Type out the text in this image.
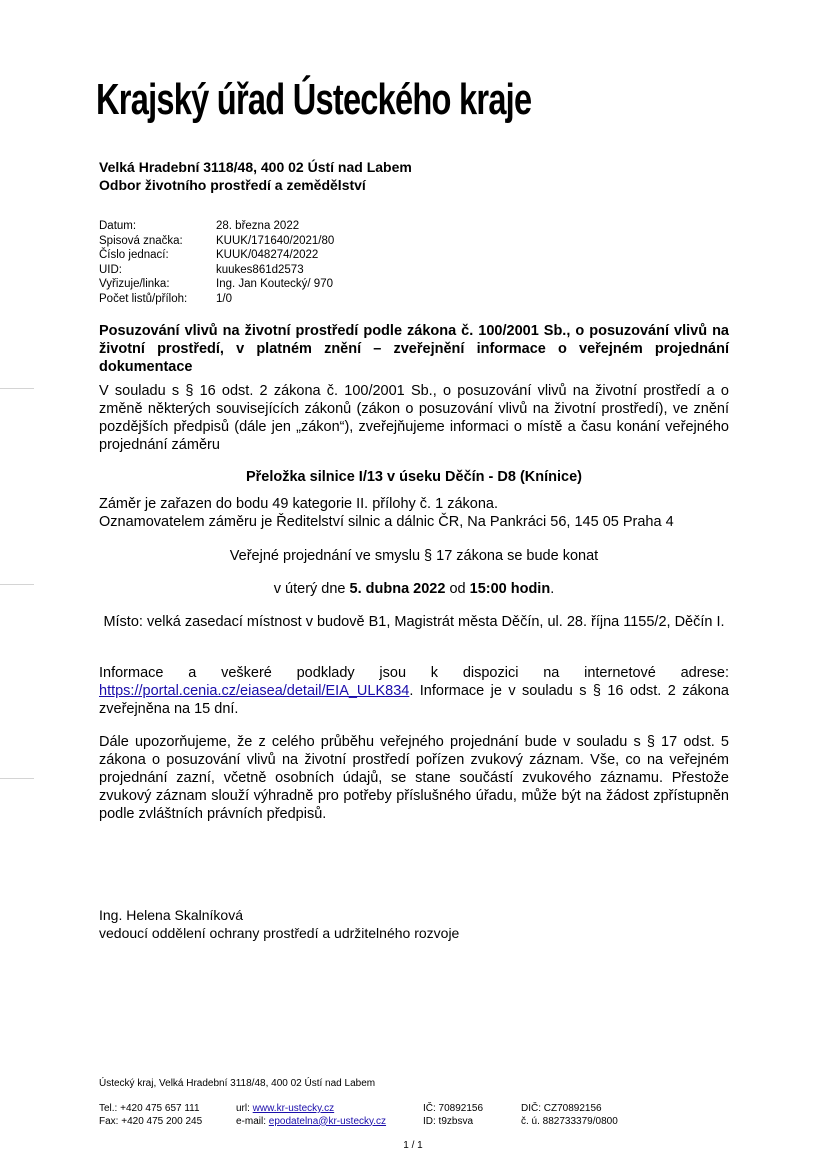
Krajský úřad Ústeckého kraje
Velká Hradební 3118/48, 400 02 Ústí nad Labem
Odbor životního prostředí a zemědělství
Datum:	28. března 2022
Spisová značka:	KUUK/171640/2021/80
Číslo jednací:	KUUK/048274/2022
UID:	kuukes861d2573
Vyřizuje/linka:	Ing. Jan Koutecký/ 970
Počet listů/příloh:	1/0
Posuzování vlivů na životní prostředí podle zákona č. 100/2001 Sb., o posuzování vlivů na životní prostředí, v platném znění – zveřejnění informace o veřejném projednání dokumentace
V souladu s § 16 odst. 2 zákona č. 100/2001 Sb., o posuzování vlivů na životní prostředí a o změně některých souvisejících zákonů (zákon o posuzování vlivů na životní prostředí), ve znění pozdějších předpisů (dále jen „zákon“), zveřejňujeme informaci o místě a času konání veřejného projednání záměru
Přeložka silnice I/13 v úseku Děčín - D8 (Knínice)
Záměr je zařazen do bodu 49 kategorie II. přílohy č. 1 zákona.
Oznamovatelem záměru je Ředitelství silnic a dálnic ČR, Na Pankráci 56, 145 05 Praha 4
Veřejné projednání ve smyslu § 17 zákona se bude konat
v úterý dne 5. dubna 2022 od 15:00 hodin.
Místo: velká zasedací místnost v budově B1, Magistrát města Děčín, ul. 28. října 1155/2, Děčín I.
Informace a veškeré podklady jsou k dispozici na internetové adrese: https://portal.cenia.cz/eiasea/detail/EIA_ULK834. Informace je v souladu s § 16 odst. 2 zákona zveřejněna na 15 dní.
Dále upozorňujeme, že z celého průběhu veřejného projednání bude v souladu s § 17 odst. 5 zákona o posuzování vlivů na životní prostředí pořízen zvukový záznam. Vše, co na veřejném projednání zazní, včetně osobních údajů, se stane součástí zvukového záznamu. Přestože zvukový záznam slouží výhradně pro potřeby příslušného úřadu, může být na žádost zpřístupněn podle zvláštních právních předpisů.
Ing. Helena Skalníková
vedoucí oddělení ochrany prostředí a udržitelného rozvoje
Ústecký kraj, Velká Hradební 3118/48, 400 02 Ústí nad Labem
Tel.: +420 475 657 111	url: www.kr-ustecky.cz	IČ: 70892156	DIČ: CZ70892156
Fax: +420 475 200 245	e-mail: epodatelna@kr-ustecky.cz	ID: t9zbsva	č. ú. 882733379/0800
1 / 1
